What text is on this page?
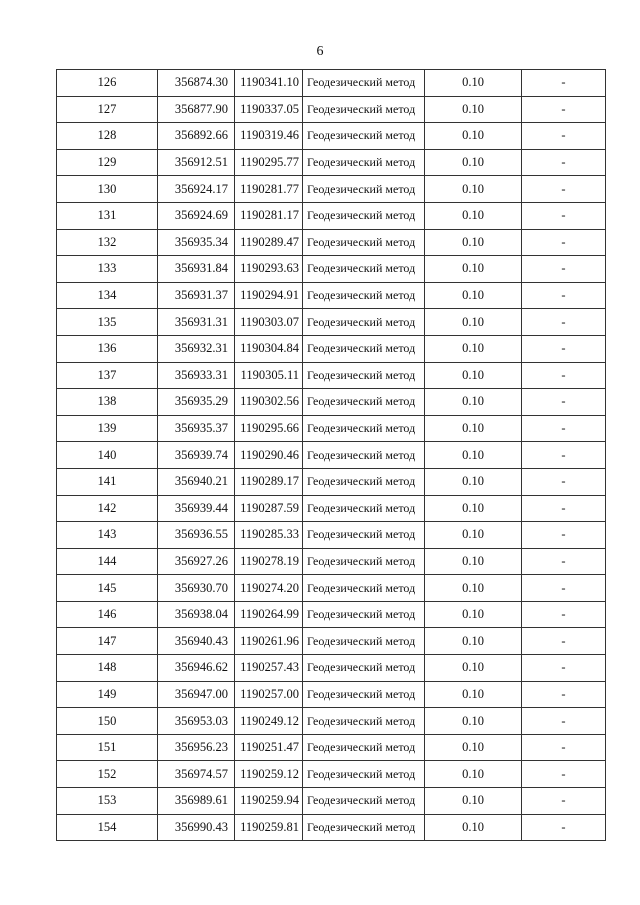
6
126	356874.30	1190341.10	Геодезический метод	0.10	-
127	356877.90	1190337.05	Геодезический метод	0.10	-
128	356892.66	1190319.46	Геодезический метод	0.10	-
129	356912.51	1190295.77	Геодезический метод	0.10	-
130	356924.17	1190281.77	Геодезический метод	0.10	-
131	356924.69	1190281.17	Геодезический метод	0.10	-
132	356935.34	1190289.47	Геодезический метод	0.10	-
133	356931.84	1190293.63	Геодезический метод	0.10	-
134	356931.37	1190294.91	Геодезический метод	0.10	-
135	356931.31	1190303.07	Геодезический метод	0.10	-
136	356932.31	1190304.84	Геодезический метод	0.10	-
137	356933.31	1190305.11	Геодезический метод	0.10	-
138	356935.29	1190302.56	Геодезический метод	0.10	-
139	356935.37	1190295.66	Геодезический метод	0.10	-
140	356939.74	1190290.46	Геодезический метод	0.10	-
141	356940.21	1190289.17	Геодезический метод	0.10	-
142	356939.44	1190287.59	Геодезический метод	0.10	-
143	356936.55	1190285.33	Геодезический метод	0.10	-
144	356927.26	1190278.19	Геодезический метод	0.10	-
145	356930.70	1190274.20	Геодезический метод	0.10	-
146	356938.04	1190264.99	Геодезический метод	0.10	-
147	356940.43	1190261.96	Геодезический метод	0.10	-
148	356946.62	1190257.43	Геодезический метод	0.10	-
149	356947.00	1190257.00	Геодезический метод	0.10	-
150	356953.03	1190249.12	Геодезический метод	0.10	-
151	356956.23	1190251.47	Геодезический метод	0.10	-
152	356974.57	1190259.12	Геодезический метод	0.10	-
153	356989.61	1190259.94	Геодезический метод	0.10	-
154	356990.43	1190259.81	Геодезический метод	0.10	-
